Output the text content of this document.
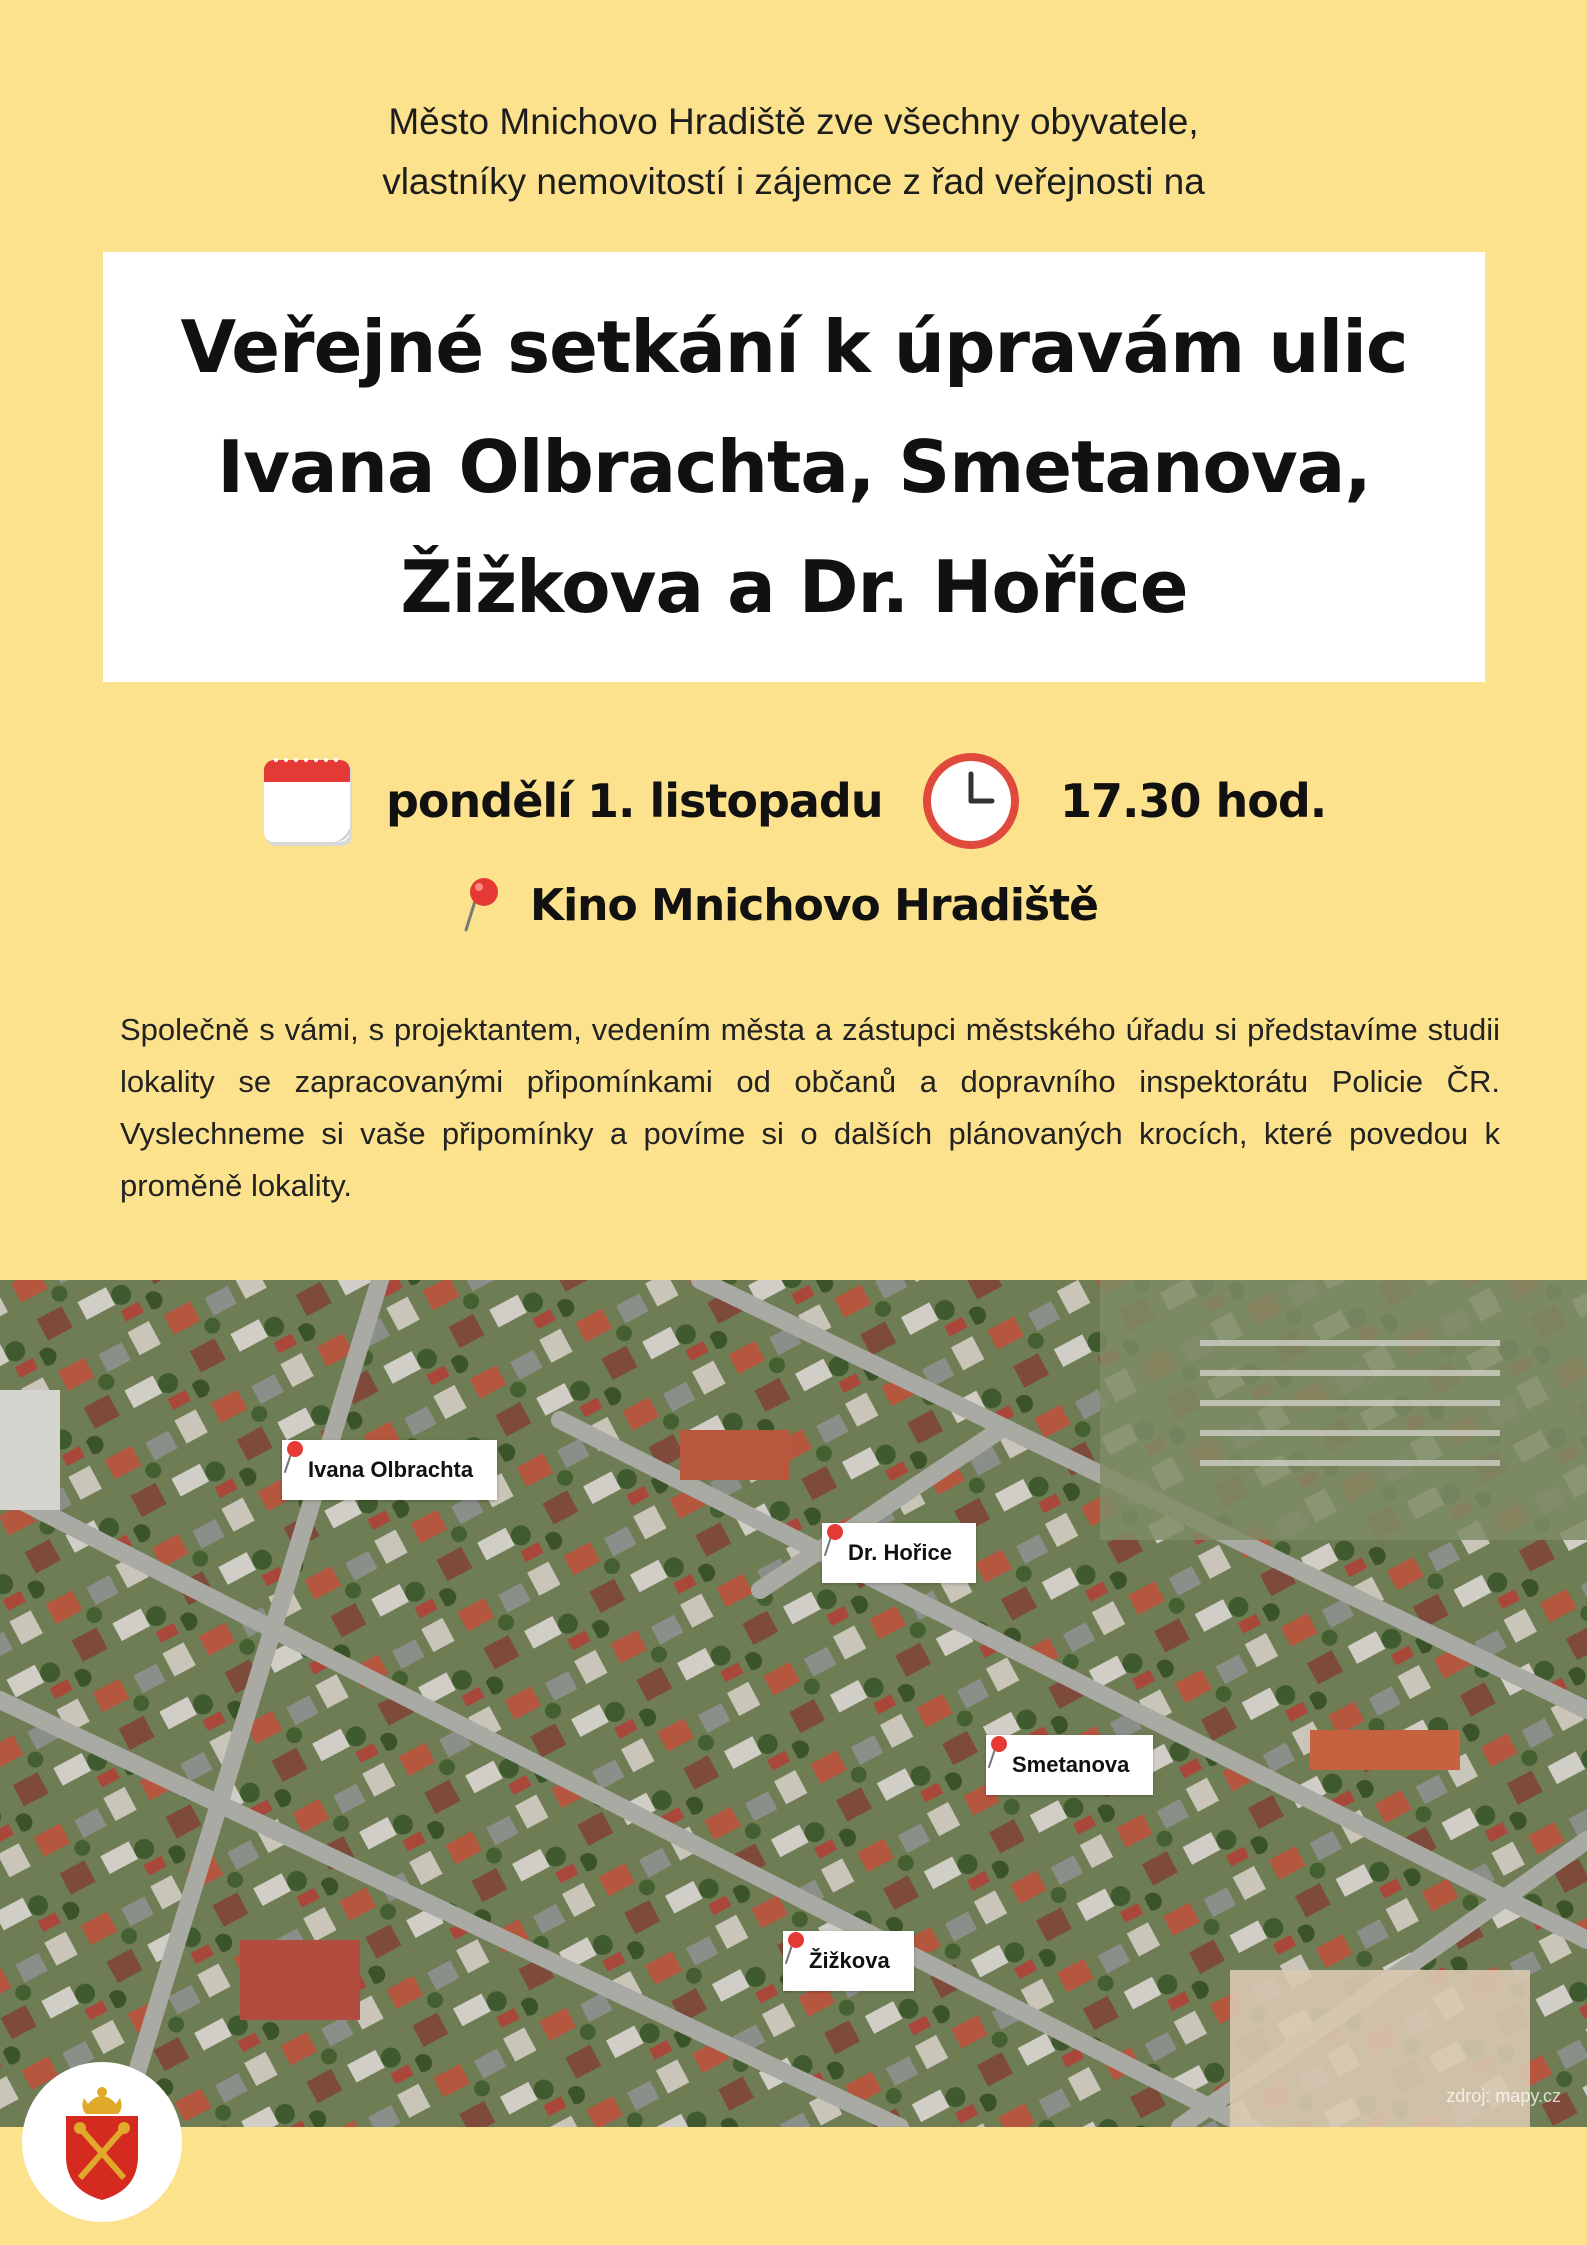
Město Mnichovo Hradiště zve všechny obyvatele,
vlastníky nemovitostí i zájemce z řad veřejnosti na
Veřejné setkání k úpravám ulic
Ivana Olbrachta, Smetanova,
Žižkova a Dr. Hořice
pondělí 1. listopadu	17.30 hod.
Kino Mnichovo Hradiště
Společně s vámi, s projektantem, vedením města a zástupci městského úřadu si představíme studii lokality se zapracovanými připomínkami od občanů a dopravního inspektorátu Policie ČR. Vyslechneme si vaše připomínky a povíme si o dalších plánovaných krocích, které povedou k proměně lokality.
Ivana Olbrachta
Dr. Hořice
Smetanova
Žižkova
zdroj: mapy.cz
